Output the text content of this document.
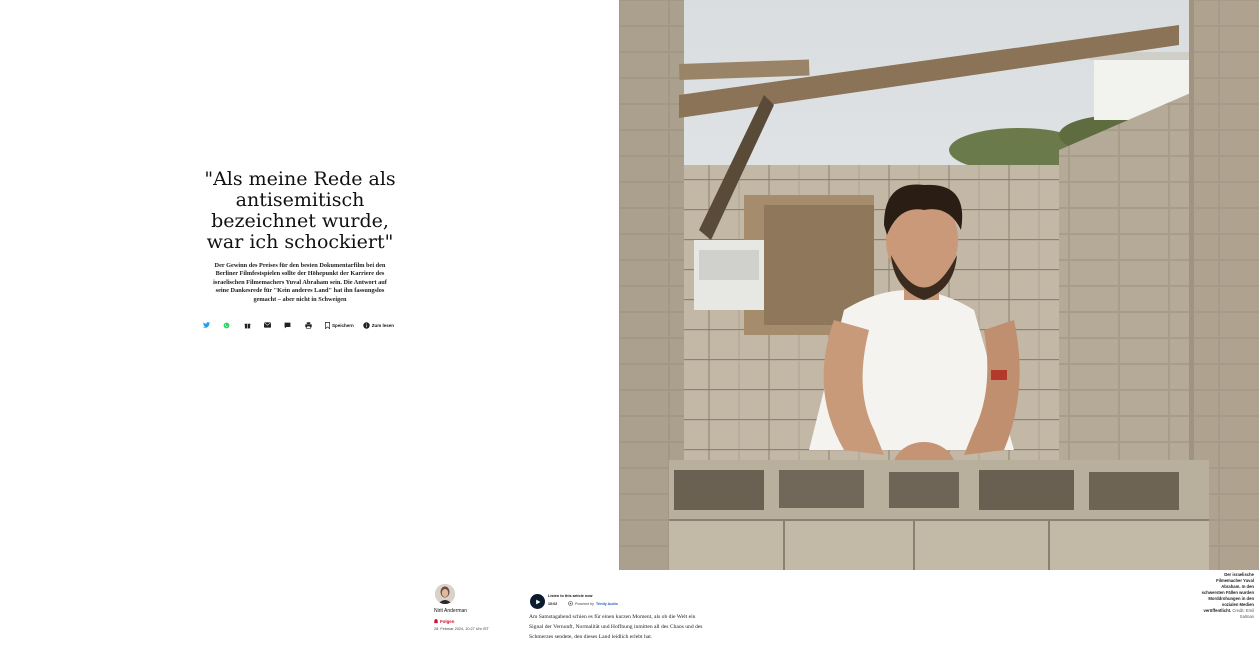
"Als meine Rede als antisemitisch bezeichnet wurde, war ich schockiert"

Der Gewinn des Preises für den besten Dokumentarfilm bei den Berliner Filmfestspielen sollte der Höhepunkt der Karriere des israelischen Filmemachers Yuval Abraham sein. Die Antwort auf seine Dankesrede für "Kein anderes Land" hat ihn fassungslos gemacht – aber nicht in Schweigen

Speichern	Zum lesen
Der israelische Filmemacher Yuval Abraham. In den schwersten Fällen wurden Morddrohungen in den sozialen Medien veröffentlicht. Credit: Emil Salman
Nirit Anderman
Folgen
28. Februar 2024, 10:27 Uhr IST
Listen to this article now
10:02	Powered by Trinity Audio

Am Samstagabend schien es für einen kurzen Moment, als ob die Welt ein Signal der Vernunft, Normalität und Hoffnung inmitten all des Chaos und des Schmerzes sendete, den dieses Land leidlich erlebt hat.
